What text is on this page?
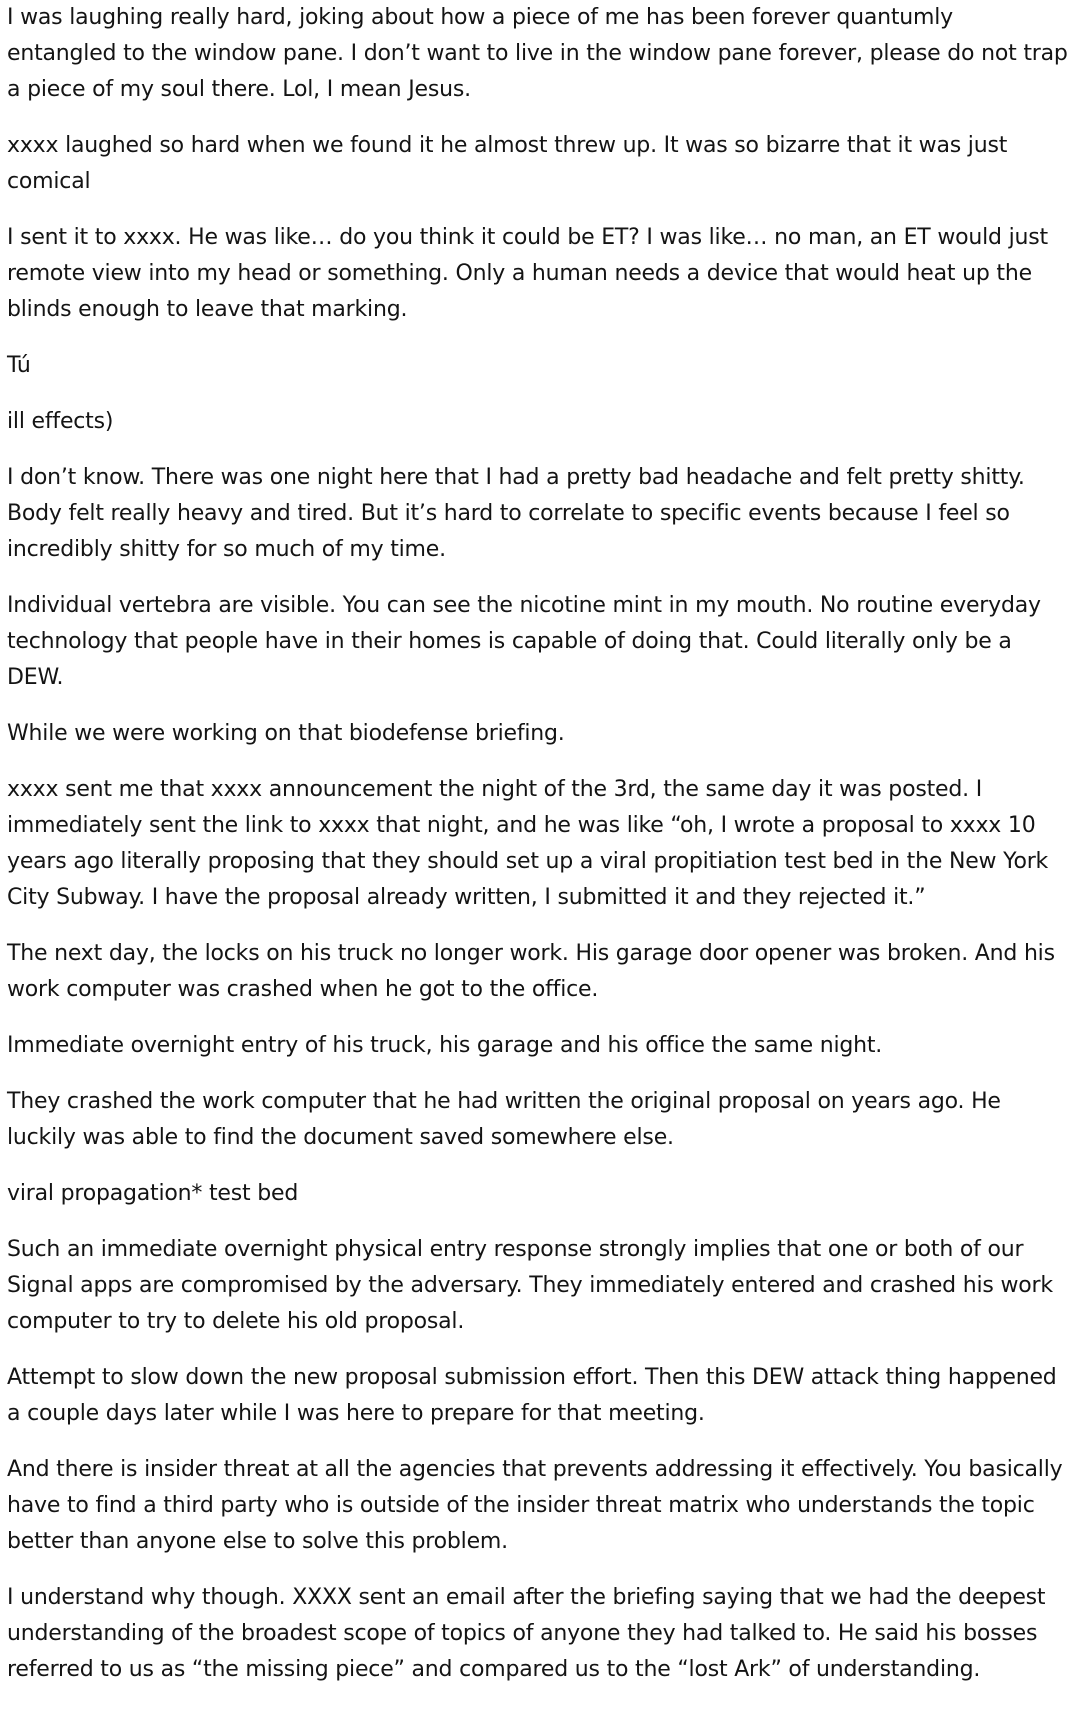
I was laughing really hard, joking about how a piece of me has been forever quantumly entangled to the window pane. I don’t want to live in the window pane forever, please do not trap a piece of my soul there. Lol, I mean Jesus.

xxxx laughed so hard when we found it he almost threw up. It was so bizarre that it was just comical

I sent it to xxxx. He was like… do you think it could be ET? I was like… no man, an ET would just remote view into my head or something. Only a human needs a device that would heat up the blinds enough to leave that marking.

Tú

ill effects)

I don’t know. There was one night here that I had a pretty bad headache and felt pretty shitty. Body felt really heavy and tired. But it’s hard to correlate to specific events because I feel so incredibly shitty for so much of my time.

Individual vertebra are visible. You can see the nicotine mint in my mouth. No routine everyday technology that people have in their homes is capable of doing that. Could literally only be a DEW.

While we were working on that biodefense briefing.

xxxx sent me that xxxx announcement the night of the 3rd, the same day it was posted. I immediately sent the link to xxxx that night, and he was like “oh, I wrote a proposal to xxxx 10 years ago literally proposing that they should set up a viral propitiation test bed in the New York City Subway. I have the proposal already written, I submitted it and they rejected it.”

The next day, the locks on his truck no longer work. His garage door opener was broken. And his work computer was crashed when he got to the office.

Immediate overnight entry of his truck, his garage and his office the same night.

They crashed the work computer that he had written the original proposal on years ago. He luckily was able to find the document saved somewhere else.

viral propagation* test bed

Such an immediate overnight physical entry response strongly implies that one or both of our Signal apps are compromised by the adversary. They immediately entered and crashed his work computer to try to delete his old proposal.

Attempt to slow down the new proposal submission effort. Then this DEW attack thing happened a couple days later while I was here to prepare for that meeting.

And there is insider threat at all the agencies that prevents addressing it effectively. You basically have to find a third party who is outside of the insider threat matrix who understands the topic better than anyone else to solve this problem.

I understand why though. XXXX sent an email after the briefing saying that we had the deepest understanding of the broadest scope of topics of anyone they had talked to. He said his bosses referred to us as “the missing piece” and compared us to the “lost Ark” of understanding.
